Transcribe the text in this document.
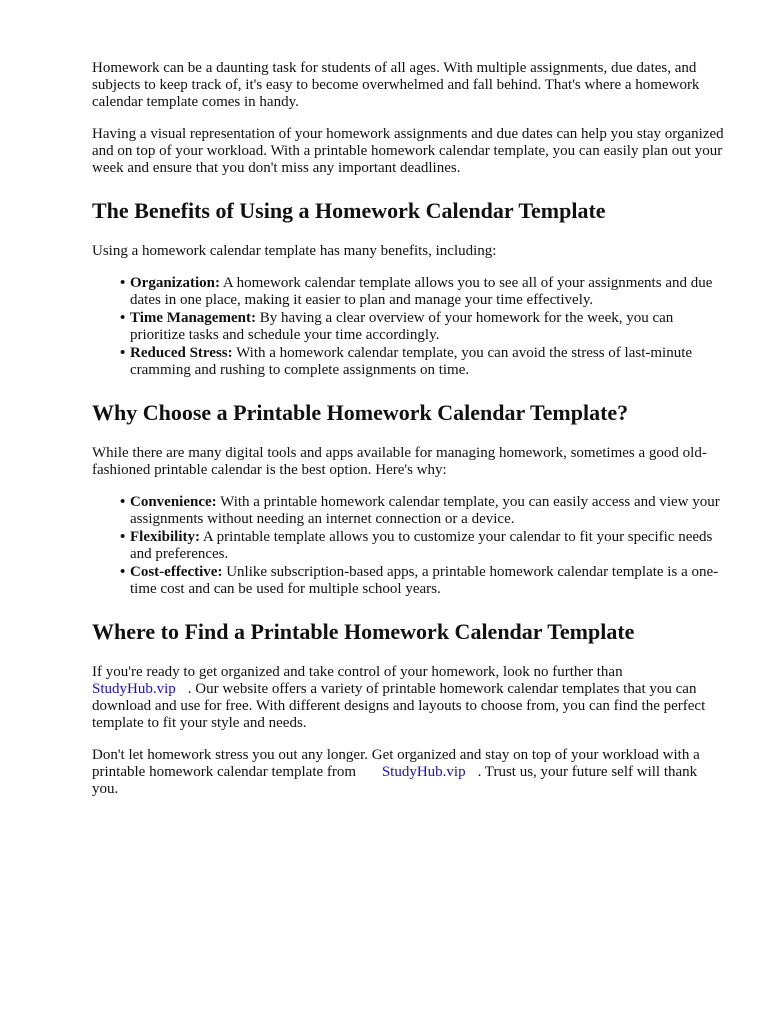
Homework can be a daunting task for students of all ages. With multiple assignments, due dates, and subjects to keep track of, it's easy to become overwhelmed and fall behind. That's where a homework calendar template comes in handy.

Having a visual representation of your homework assignments and due dates can help you stay organized and on top of your workload. With a printable homework calendar template, you can easily plan out your week and ensure that you don't miss any important deadlines.

The Benefits of Using a Homework Calendar Template

Using a homework calendar template has many benefits, including:

• Organization: A homework calendar template allows you to see all of your assignments and due dates in one place, making it easier to plan and manage your time effectively.
• Time Management: By having a clear overview of your homework for the week, you can prioritize tasks and schedule your time accordingly.
• Reduced Stress: With a homework calendar template, you can avoid the stress of last-minute cramming and rushing to complete assignments on time.
Why Choose a Printable Homework Calendar Template?

While there are many digital tools and apps available for managing homework, sometimes a good old-fashioned printable calendar is the best option. Here's why:

• Convenience: With a printable homework calendar template, you can easily access and view your assignments without needing an internet connection or a device.
• Flexibility: A printable template allows you to customize your calendar to fit your specific needs and preferences.
• Cost-effective: Unlike subscription-based apps, a printable homework calendar template is a one-time cost and can be used for multiple school years.
Where to Find a Printable Homework Calendar Template

If you're ready to get organized and take control of your homework, look no further than StudyHub.vip . Our website offers a variety of printable homework calendar templates that you can download and use for free. With different designs and layouts to choose from, you can find the perfect template to fit your style and needs.

Don't let homework stress you out any longer. Get organized and stay on top of your workload with a printable homework calendar template from StudyHub.vip . Trust us, your future self will thank you.
